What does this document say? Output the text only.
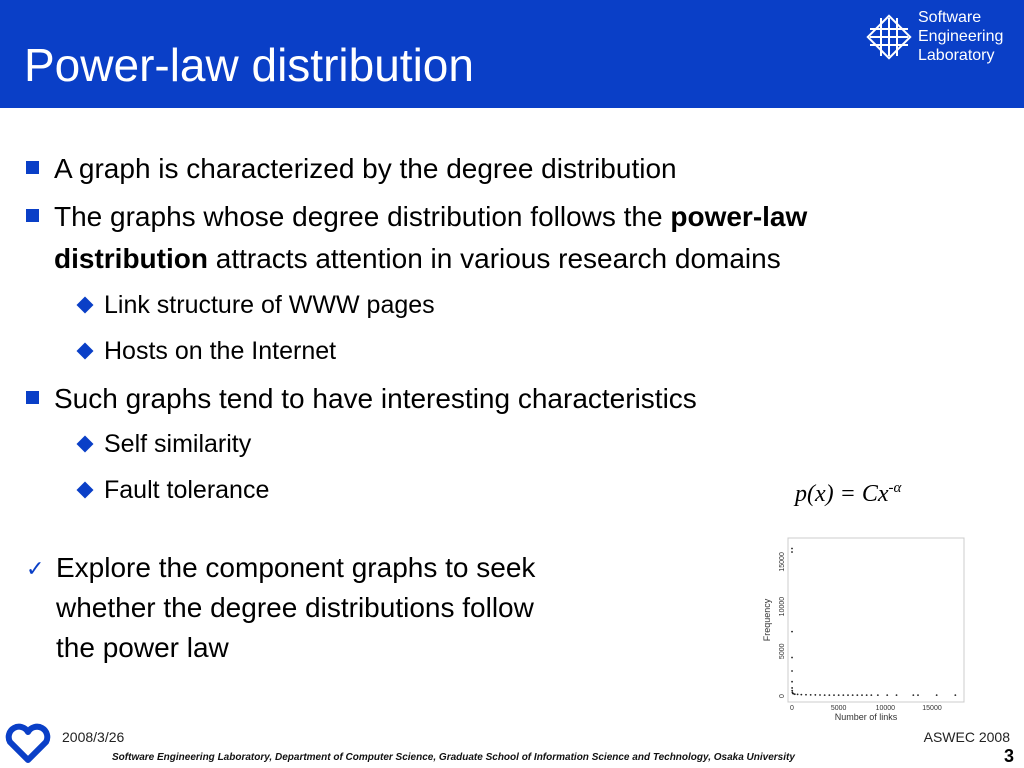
Power-law distribution
Software
Engineering
Laboratory
A graph is characterized by the degree distribution
The graphs whose degree distribution follows the power-law
distribution attracts attention in various research domains
Link structure of WWW pages
Hosts on the Internet
Such graphs tend to have interesting characteristics
Self similarity
Fault tolerance	$p(x) = Cx^{-\alpha}$
✓ Explore the component graphs to seek
whether the degree distributions follow
the power law
0	5000	10000	15000
0
5000
10000
15000
Number of links
Frequency
2008/3/26	ASWEC 2008
Software Engineering Laboratory, Department of Computer Science, Graduate School of Information Science and Technology, Osaka University	3
